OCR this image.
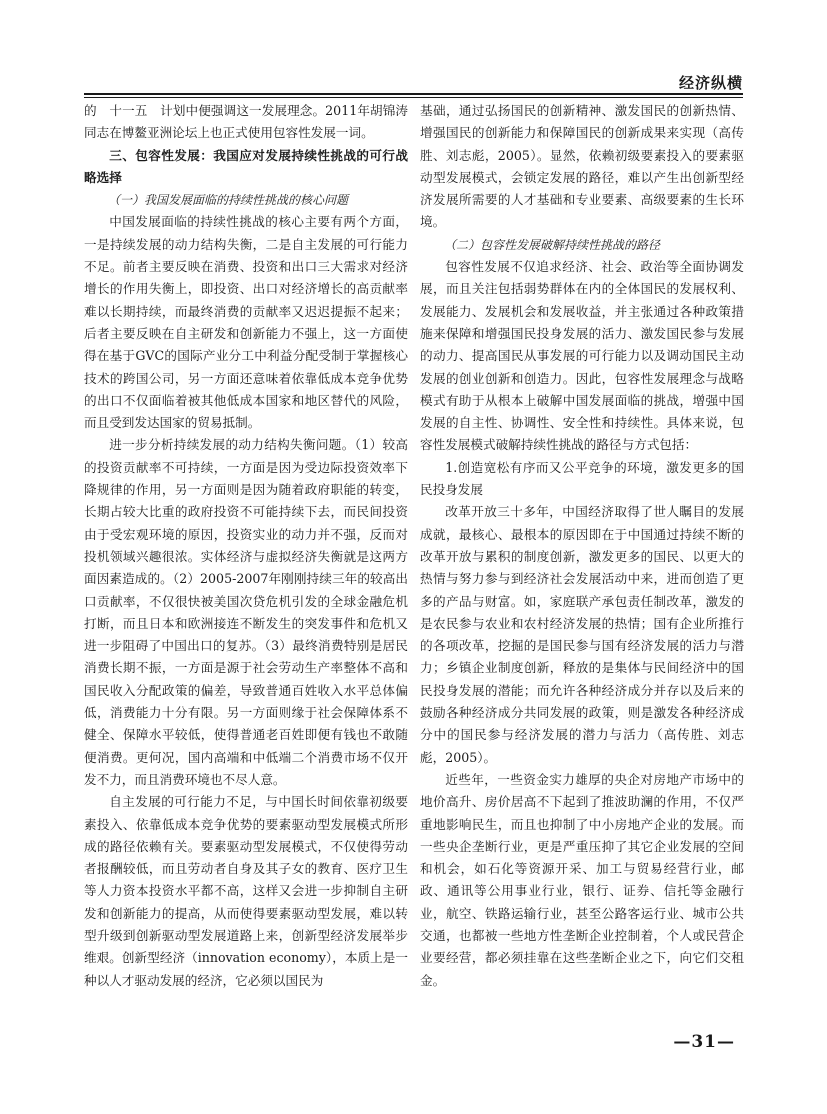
经济纵横

的　十一五　计划中便强调这一发展理念。2011年胡锦涛同志在博鳌亚洲论坛上也正式使用包容性发展一词。

三、包容性发展：我国应对发展持续性挑战的可行战略选择

（一）我国发展面临的持续性挑战的核心问题

中国发展面临的持续性挑战的核心主要有两个方面，一是持续发展的动力结构失衡，二是自主发展的可行能力不足。前者主要反映在消费、投资和出口三大需求对经济增长的作用失衡上，即投资、出口对经济增长的高贡献率难以长期持续，而最终消费的贡献率又迟迟提振不起来；后者主要反映在自主研发和创新能力不强上，这一方面使得在基于GVC的国际产业分工中利益分配受制于掌握核心技术的跨国公司，另一方面还意味着依靠低成本竞争优势的出口不仅面临着被其他低成本国家和地区替代的风险，而且受到发达国家的贸易抵制。

进一步分析持续发展的动力结构失衡问题。（1）较高的投资贡献率不可持续，一方面是因为受边际投资效率下降规律的作用，另一方面则是因为随着政府职能的转变，长期占较大比重的政府投资不可能持续下去，而民间投资由于受宏观环境的原因，投资实业的动力并不强，反而对投机领域兴趣很浓。实体经济与虚拟经济失衡就是这两方面因素造成的。（2）2005-2007年刚刚持续三年的较高出口贡献率，不仅很快被美国次贷危机引发的全球金融危机打断，而且日本和欧洲接连不断发生的突发事件和危机又进一步阻碍了中国出口的复苏。（3）最终消费特别是居民消费长期不振，一方面是源于社会劳动生产率整体不高和国民收入分配政策的偏差，导致普通百姓收入水平总体偏低，消费能力十分有限。另一方面则缘于社会保障体系不健全、保障水平较低，使得普通老百姓即便有钱也不敢随便消费。更何况，国内高端和中低端二个消费市场不仅开发不力，而且消费环境也不尽人意。

自主发展的可行能力不足，与中国长时间依靠初级要素投入、依靠低成本竞争优势的要素驱动型发展模式所形成的路径依赖有关。要素驱动型发展模式，不仅使得劳动者报酬较低，而且劳动者自身及其子女的教育、医疗卫生等人力资本投资水平都不高，这样又会进一步抑制自主研发和创新能力的提高，从而使得要素驱动型发展，难以转型升级到创新驱动型发展道路上来，创新型经济发展举步维艰。创新型经济（innovation economy），本质上是一种以人才驱动发展的经济，它必须以国民为

基础，通过弘扬国民的创新精神、激发国民的创新热情、增强国民的创新能力和保障国民的创新成果来实现（高传胜、刘志彪，2005）。显然，依赖初级要素投入的要素驱动型发展模式，会锁定发展的路径，难以产生出创新型经济发展所需要的人才基础和专业要素、高级要素的生长环境。

（二）包容性发展破解持续性挑战的路径

包容性发展不仅追求经济、社会、政治等全面协调发展，而且关注包括弱势群体在内的全体国民的发展权利、发展能力、发展机会和发展收益，并主张通过各种政策措施来保障和增强国民投身发展的活力、激发国民参与发展的动力、提高国民从事发展的可行能力以及调动国民主动发展的创业创新和创造力。因此，包容性发展理念与战略模式有助于从根本上破解中国发展面临的挑战，增强中国发展的自主性、协调性、安全性和持续性。具体来说，包容性发展模式破解持续性挑战的路径与方式包括：

1.创造宽松有序而又公平竞争的环境，激发更多的国民投身发展

改革开放三十多年，中国经济取得了世人瞩目的发展成就，最核心、最根本的原因即在于中国通过持续不断的改革开放与累积的制度创新，激发更多的国民、以更大的热情与努力参与到经济社会发展活动中来，进而创造了更多的产品与财富。如，家庭联产承包责任制改革，激发的是农民参与农业和农村经济发展的热情；国有企业所推行的各项改革，挖掘的是国民参与国有经济发展的活力与潜力；乡镇企业制度创新，释放的是集体与民间经济中的国民投身发展的潜能；而允许各种经济成分并存以及后来的鼓励各种经济成分共同发展的政策，则是激发各种经济成分中的国民参与经济发展的潜力与活力（高传胜、刘志彪，2005）。

近些年，一些资金实力雄厚的央企对房地产市场中的地价高升、房价居高不下起到了推波助澜的作用，不仅严重地影响民生，而且也抑制了中小房地产企业的发展。而一些央企垄断行业，更是严重压抑了其它企业发展的空间和机会，如石化等资源开采、加工与贸易经营行业，邮政、通讯等公用事业行业，银行、证券、信托等金融行业，航空、铁路运输行业，甚至公路客运行业、城市公共交通，也都被一些地方性垄断企业控制着，个人或民营企业要经营，都必须挂靠在这些垄断企业之下，向它们交租金。

—31—
